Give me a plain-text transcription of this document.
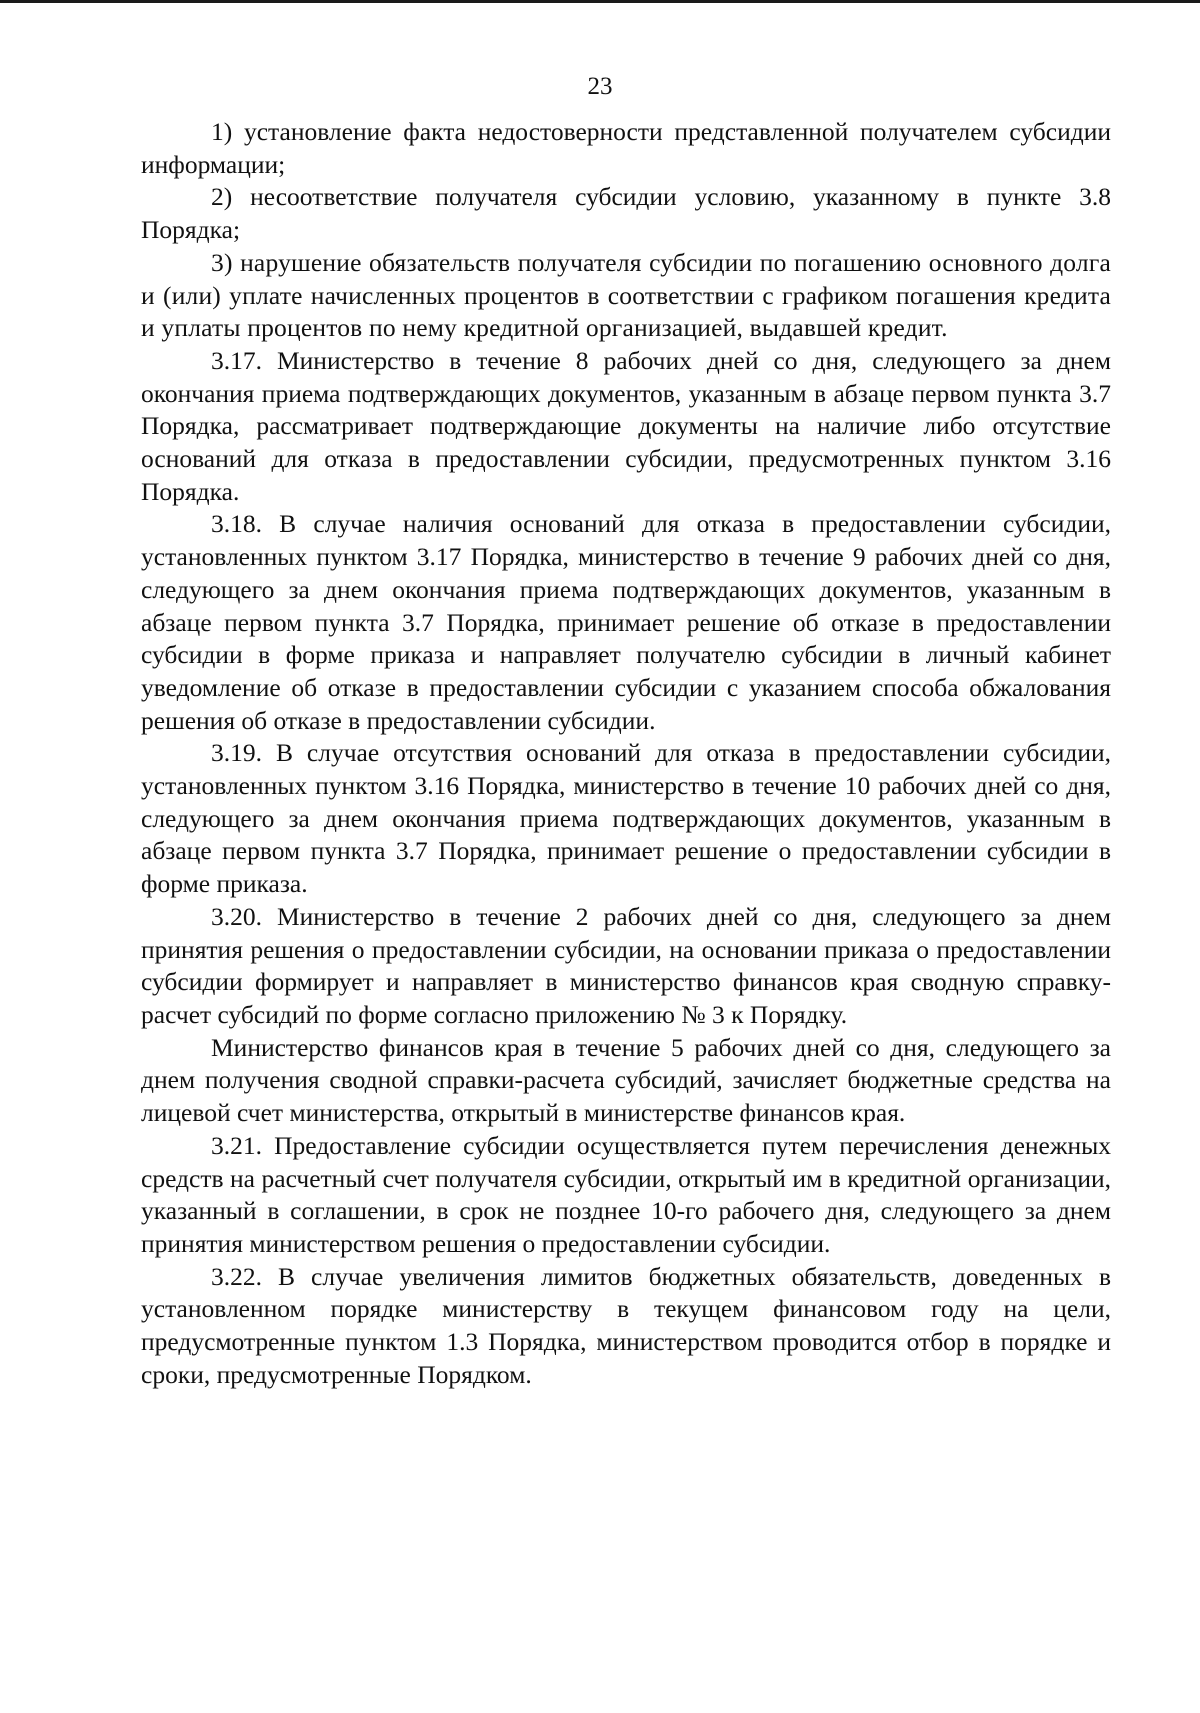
23

1) установление факта недостоверности представленной получателем субсидии информации;

2) несоответствие получателя субсидии условию, указанному в пункте 3.8 Порядка;

3) нарушение обязательств получателя субсидии по погашению основного долга и (или) уплате начисленных процентов в соответствии с графиком погашения кредита и уплаты процентов по нему кредитной организацией, выдавшей кредит.

3.17. Министерство в течение 8 рабочих дней со дня, следующего за днем окончания приема подтверждающих документов, указанным в абзаце первом пункта 3.7 Порядка, рассматривает подтверждающие документы на наличие либо отсутствие оснований для отказа в предоставлении субсидии, предусмотренных пунктом 3.16 Порядка.

3.18. В случае наличия оснований для отказа в предоставлении субсидии, установленных пунктом 3.17 Порядка, министерство в течение 9 рабочих дней со дня, следующего за днем окончания приема подтверждающих документов, указанным в абзаце первом пункта 3.7 Порядка, принимает решение об отказе в предоставлении субсидии в форме приказа и направляет получателю субсидии в личный кабинет уведомление об отказе в предоставлении субсидии с указанием способа обжалования решения об отказе в предоставлении субсидии.

3.19. В случае отсутствия оснований для отказа в предоставлении субсидии, установленных пунктом 3.16 Порядка, министерство в течение 10 рабочих дней со дня, следующего за днем окончания приема подтверждающих документов, указанным в абзаце первом пункта 3.7 Порядка, принимает решение о предоставлении субсидии в форме приказа.

3.20. Министерство в течение 2 рабочих дней со дня, следующего за днем принятия решения о предоставлении субсидии, на основании приказа о предоставлении субсидии формирует и направляет в министерство финансов края сводную справку-расчет субсидий по форме согласно приложению № 3 к Порядку.

Министерство финансов края в течение 5 рабочих дней со дня, следующего за днем получения сводной справки-расчета субсидий, зачисляет бюджетные средства на лицевой счет министерства, открытый в министерстве финансов края.

3.21. Предоставление субсидии осуществляется путем перечисления денежных средств на расчетный счет получателя субсидии, открытый им в кредитной организации, указанный в соглашении, в срок не позднее 10-го рабочего дня, следующего за днем принятия министерством решения о предоставлении субсидии.

3.22. В случае увеличения лимитов бюджетных обязательств, доведенных в установленном порядке министерству в текущем финансовом году на цели, предусмотренные пунктом 1.3 Порядка, министерством проводится отбор в порядке и сроки, предусмотренные Порядком.
